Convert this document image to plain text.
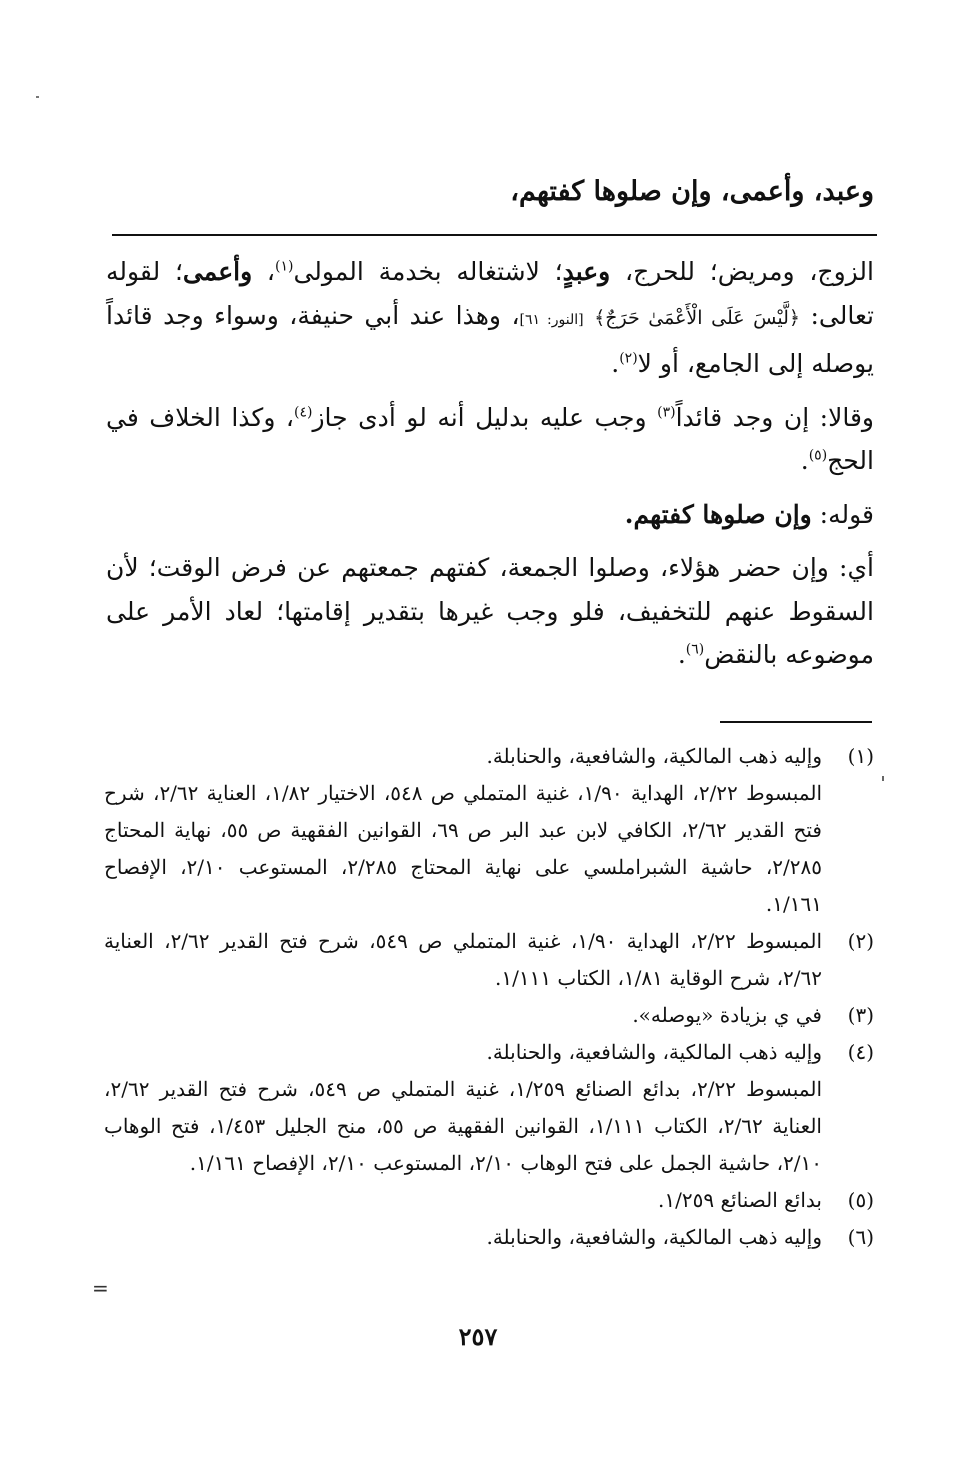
وعبد، وأعمى، وإن صلوها كفتهم،

الزوج، ومريض؛ للحرج، وعبدٍ؛ لاشتغاله بخدمة المولى$^{(١)}$، وأعمى؛ لقوله تعالى: ﴿لَّيْسَ عَلَى الْأَعْمَىٰ حَرَجٌ﴾ [النور: ٦١]، وهذا عند أبي حنيفة، وسواء وجد قائداً يوصله إلى الجامع، أو لا$^{(٢)}$.

وقالا: إن وجد قائداً$^{(٣)}$ وجب عليه بدليل أنه لو أدى جاز$^{(٤)}$، وكذا الخلاف في الحج$^{(٥)}$.

قوله: وإن صلوها كفتهم.

أي: وإن حضر هؤلاء، وصلوا الجمعة، كفتهم جمعتهم عن فرض الوقت؛ لأن السقوط عنهم للتخفيف، فلو وجب غيرها بتقدير إقامتها؛ لعاد الأمر على موضوعه بالنقض$^{(٦)}$.

(١)
وإليه ذهب المالكية، والشافعية، والحنابلة.
المبسوط ٢/٢٢، الهداية ١/٩٠، غنية المتملي ص ٥٤٨، الاختيار ١/٨٢، العناية ٢/٦٢، شرح فتح القدير ٢/٦٢، الكافي لابن عبد البر ص ٦٩، القوانين الفقهية ص ٥٥، نهاية المحتاج ٢/٢٨٥، حاشية الشبراملسي على نهاية المحتاج ٢/٢٨٥، المستوعب ٢/١٠، الإفصاح ١/١٦١.
(٢)
المبسوط ٢/٢٢، الهداية ١/٩٠، غنية المتملي ص ٥٤٩، شرح فتح القدير ٢/٦٢، العناية ٢/٦٢، شرح الوقاية ١/٨١، الكتاب ١/١١١.
(٣)
في ي بزيادة «يوصله».
(٤)
وإليه ذهب المالكية، والشافعية، والحنابلة.
المبسوط ٢/٢٢، بدائع الصنائع ١/٢٥٩، غنية المتملي ص ٥٤٩، شرح فتح القدير ٢/٦٢، العناية ٢/٦٢، الكتاب ١/١١١، القوانين الفقهية ص ٥٥، منح الجليل ١/٤٥٣، فتح الوهاب ٢/١٠، حاشية الجمل على فتح الوهاب ٢/١٠، المستوعب ٢/١٠، الإفصاح ١/١٦١.
(٥)
بدائع الصنائع ١/٢٥٩.
(٦)
وإليه ذهب المالكية، والشافعية، والحنابلة.
=
٢٥٧
